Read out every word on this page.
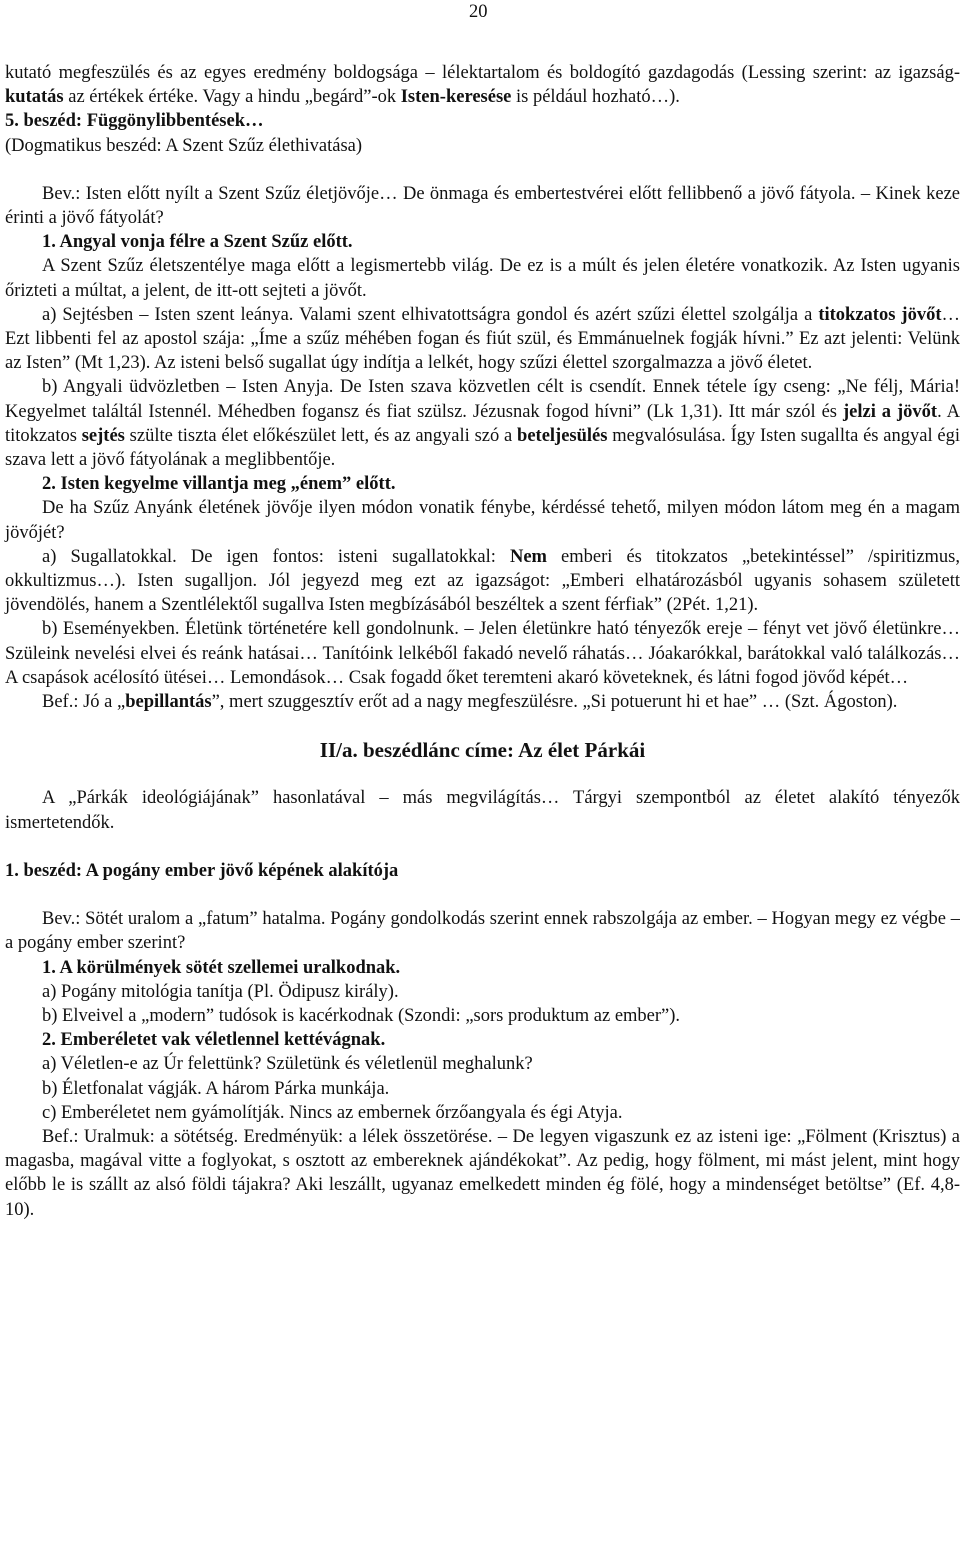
20

kutató megfeszülés és az egyes eredmény boldogsága – lélektartalom és boldogító gazdagodás (Lessing szerint: az igazság-kutatás az értékek értéke. Vagy a hindu „begárd”-ok Isten-keresése is például hozható…).

5. beszéd: Függönylibbentések…

(Dogmatikus beszéd: A Szent Szűz élethivatása)

Bev.: Isten előtt nyílt a Szent Szűz életjövője… De önmaga és embertestvérei előtt fellibbenő a jövő fátyola. – Kinek keze érinti a jövő fátyolát?

1. Angyal vonja félre a Szent Szűz előtt.

A Szent Szűz életszentélye maga előtt a legismertebb világ. De ez is a múlt és jelen életére vonatkozik. Az Isten ugyanis őrizteti a múltat, a jelent, de itt-ott sejteti a jövőt.

a) Sejtésben – Isten szent leánya. Valami szent elhivatottságra gondol és azért szűzi élettel szolgálja a titokzatos jövőt… Ezt libbenti fel az apostol szája: „Íme a szűz méhében fogan és fiút szül, és Emmánuelnek fogják hívni.” Ez azt jelenti: Velünk az Isten” (Mt 1,23). Az isteni belső sugallat úgy indítja a lelkét, hogy szűzi élettel szorgalmazza a jövő életet.

b) Angyali üdvözletben – Isten Anyja. De Isten szava közvetlen célt is csendít. Ennek tétele így cseng: „Ne félj, Mária! Kegyelmet találtál Istennél. Méhedben fogansz és fiat szülsz. Jézusnak fogod hívni” (Lk 1,31). Itt már szól és jelzi a jövőt. A titokzatos sejtés szülte tiszta élet előkészület lett, és az angyali szó a beteljesülés megvalósulása. Így Isten sugallta és angyal égi szava lett a jövő fátyolának a meglibbentője.

2. Isten kegyelme villantja meg „énem” előtt.

De ha Szűz Anyánk életének jövője ilyen módon vonatik fénybe, kérdéssé tehető, milyen módon látom meg én a magam jövőjét?

a) Sugallatokkal. De igen fontos: isteni sugallatokkal: Nem emberi és titokzatos „betekintéssel” /spiritizmus, okkultizmus…). Isten sugalljon. Jól jegyezd meg ezt az igazságot: „Emberi elhatározásból ugyanis sohasem született jövendölés, hanem a Szentlélektől sugallva Isten megbízásából beszéltek a szent férfiak” (2Pét. 1,21).

b) Eseményekben. Életünk történetére kell gondolnunk. – Jelen életünkre ható tényezők ereje – fényt vet jövő életünkre… Szüleink nevelési elvei és reánk hatásai… Tanítóink lelkéből fakadó nevelő ráhatás… Jóakarókkal, barátokkal való találkozás… A csapások acélosító ütései… Lemondások… Csak fogadd őket teremteni akaró követeknek, és látni fogod jövőd képét…

Bef.: Jó a „bepillantás”, mert szuggesztív erőt ad a nagy megfeszülésre. „Si potuerunt hi et hae” … (Szt. Ágoston).

II/a. beszédlánc címe: Az élet Párkái

A „Párkák ideológiájának” hasonlatával – más megvilágítás… Tárgyi szempontból az életet alakító tényezők ismertetendők.

1. beszéd: A pogány ember jövő képének alakítója

Bev.: Sötét uralom a „fatum” hatalma. Pogány gondolkodás szerint ennek rabszolgája az ember. – Hogyan megy ez végbe – a pogány ember szerint?

1. A körülmények sötét szellemei uralkodnak.

a) Pogány mitológia tanítja (Pl. Ödipusz király).

b) Elveivel a „modern” tudósok is kacérkodnak (Szondi: „sors produktum az ember”).

2. Emberéletet vak véletlennel kettévágnak.

a) Véletlen-e az Úr felettünk? Születünk és véletlenül meghalunk?

b) Életfonalat vágják. A három Párka munkája.

c) Emberéletet nem gyámolítják. Nincs az embernek őrzőangyala és égi Atyja.

Bef.: Uralmuk: a sötétség. Eredményük: a lélek összetörése. – De legyen vigaszunk ez az isteni ige: „Fölment (Krisztus) a magasba, magával vitte a foglyokat, s osztott az embereknek ajándékokat”. Az pedig, hogy fölment, mi mást jelent, mint hogy előbb le is szállt az alsó földi tájakra? Aki leszállt, ugyanaz emelkedett minden ég fölé, hogy a mindenséget betöltse” (Ef. 4,8-10).
